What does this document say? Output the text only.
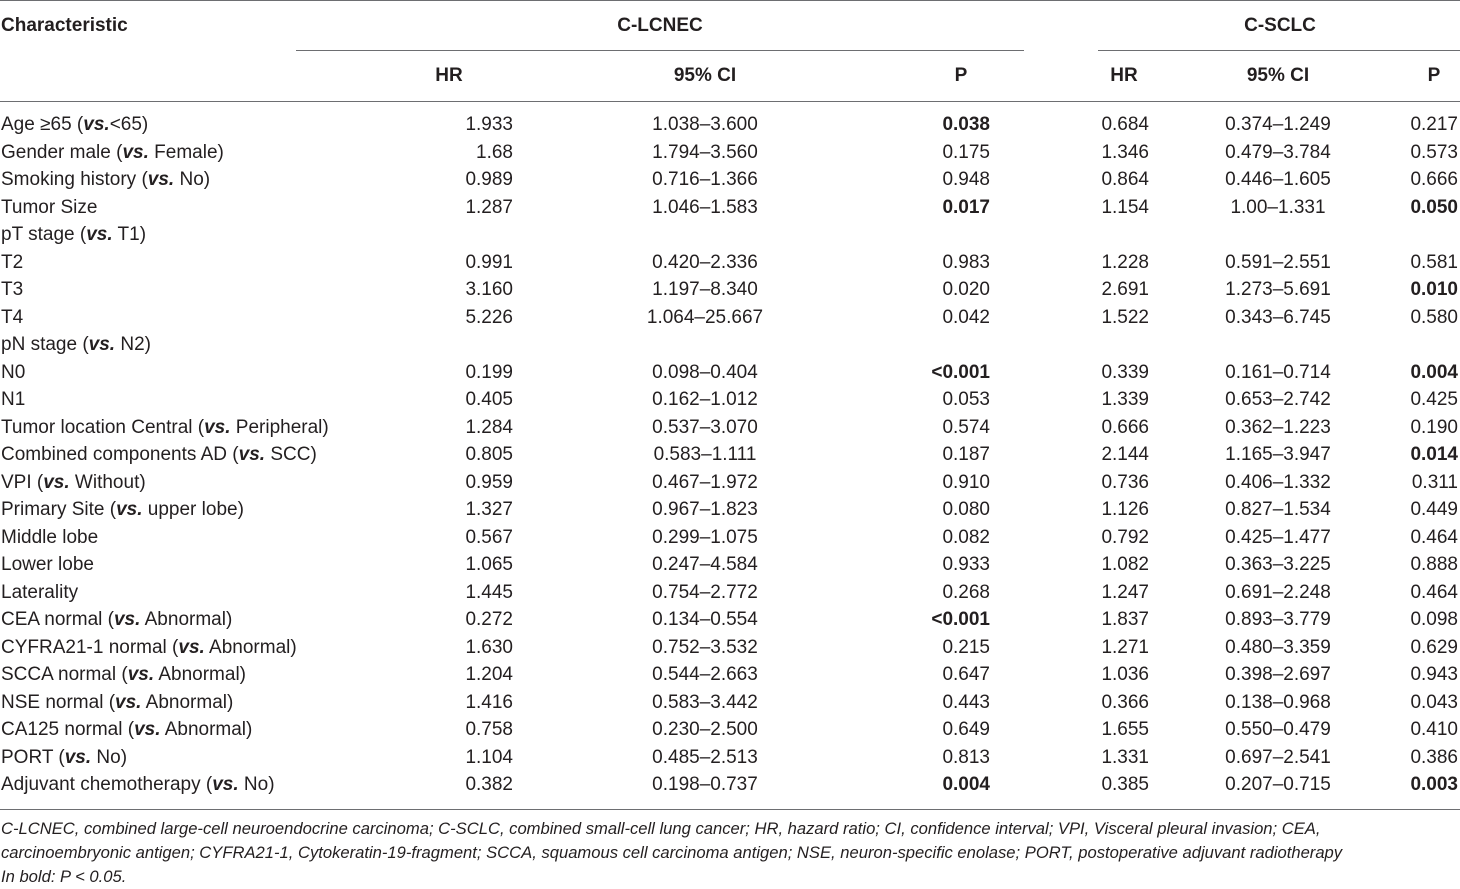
Characteristic	C-LCNEC	C-SCLC
HR	95% CI	P	HR	95% CI	P
Age ≥65 (vs.<65)	1.933	1.038–3.600	0.038	0.684	0.374–1.249	0.217
Gender male (vs. Female)	1.68	1.794–3.560	0.175	1.346	0.479–3.784	0.573
Smoking history (vs. No)	0.989	0.716–1.366	0.948	0.864	0.446–1.605	0.666
Tumor Size	1.287	1.046–1.583	0.017	1.154	1.00–1.331	0.050
pT stage (vs. T1)
T2	0.991	0.420–2.336	0.983	1.228	0.591–2.551	0.581
T3	3.160	1.197–8.340	0.020	2.691	1.273–5.691	0.010
T4	5.226	1.064–25.667	0.042	1.522	0.343–6.745	0.580
pN stage (vs. N2)
N0	0.199	0.098–0.404	<0.001	0.339	0.161–0.714	0.004
N1	0.405	0.162–1.012	0.053	1.339	0.653–2.742	0.425
Tumor location Central (vs. Peripheral)	1.284	0.537–3.070	0.574	0.666	0.362–1.223	0.190
Combined components AD (vs. SCC)	0.805	0.583–1.111	0.187	2.144	1.165–3.947	0.014
VPI (vs. Without)	0.959	0.467–1.972	0.910	0.736	0.406–1.332	0.311
Primary Site (vs. upper lobe)	1.327	0.967–1.823	0.080	1.126	0.827–1.534	0.449
Middle lobe	0.567	0.299–1.075	0.082	0.792	0.425–1.477	0.464
Lower lobe	1.065	0.247–4.584	0.933	1.082	0.363–3.225	0.888
Laterality	1.445	0.754–2.772	0.268	1.247	0.691–2.248	0.464
CEA normal (vs. Abnormal)	0.272	0.134–0.554	<0.001	1.837	0.893–3.779	0.098
CYFRA21-1 normal (vs. Abnormal)	1.630	0.752–3.532	0.215	1.271	0.480–3.359	0.629
SCCA normal (vs. Abnormal)	1.204	0.544–2.663	0.647	1.036	0.398–2.697	0.943
NSE normal (vs. Abnormal)	1.416	0.583–3.442	0.443	0.366	0.138–0.968	0.043
CA125 normal (vs. Abnormal)	0.758	0.230–2.500	0.649	1.655	0.550–0.479	0.410
PORT (vs. No)	1.104	0.485–2.513	0.813	1.331	0.697–2.541	0.386
Adjuvant chemotherapy (vs. No)	0.382	0.198–0.737	0.004	0.385	0.207–0.715	0.003
C-LCNEC, combined large-cell neuroendocrine carcinoma; C-SCLC, combined small-cell lung cancer; HR, hazard ratio; CI, confidence interval; VPI, Visceral pleural invasion; CEA,
carcinoembryonic antigen; CYFRA21-1, Cytokeratin-19-fragment; SCCA, squamous cell carcinoma antigen; NSE, neuron-specific enolase; PORT, postoperative adjuvant radiotherapy
In bold: P < 0.05.
